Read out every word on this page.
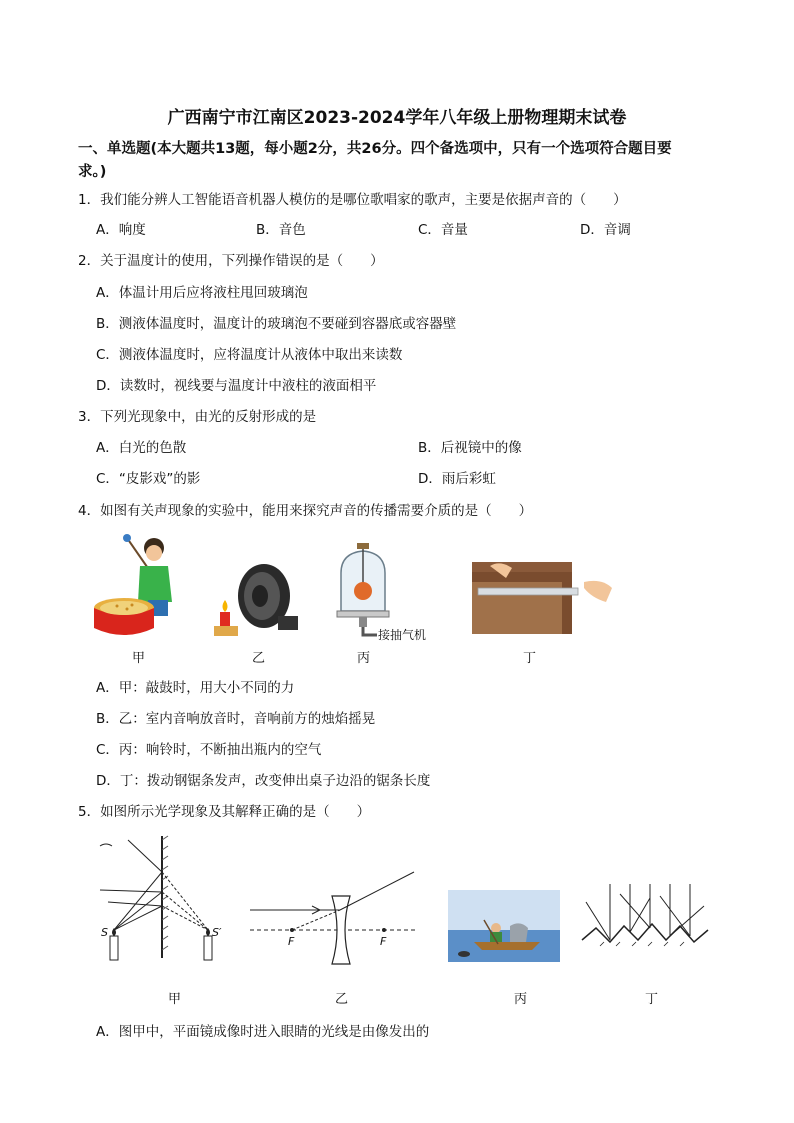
广西南宁市江南区2023-2024学年八年级上册物理期末试卷
一、单选题(本大题共13题，每小题2分，共26分。四个备选项中，只有一个选项符合题目要
求。)
1．我们能分辨人工智能语音机器人模仿的是哪位歌唱家的歌声，主要是依据声音的（　　）
A．响度	B．音色	C．音量	D．音调
2．关于温度计的使用，下列操作错误的是（　　）
A．体温计用后应将液柱甩回玻璃泡
B．测液体温度时，温度计的玻璃泡不要碰到容器底或容器壁
C．测液体温度时，应将温度计从液体中取出来读数
D．读数时，视线要与温度计中液柱的液面相平
3．下列光现象中，由光的反射形成的是
A．白光的色散	B．后视镜中的像
C．“皮影戏”的影	D．雨后彩虹
4．如图有关声现象的实验中，能用来探究声音的传播需要介质的是（　　）
接抽气机
甲	乙	丙	丁
A．甲：敲鼓时，用大小不同的力
B．乙：室内音响放音时，音响前方的烛焰摇晃
C．丙：响铃时，不断抽出瓶内的空气
D．丁：拨动钢锯条发声，改变伸出桌子边沿的锯条长度
5．如图所示光学现象及其解释正确的是（　　）
S	S′
F	F
甲	乙	丙	丁
A．图甲中，平面镜成像时进入眼睛的光线是由像发出的
